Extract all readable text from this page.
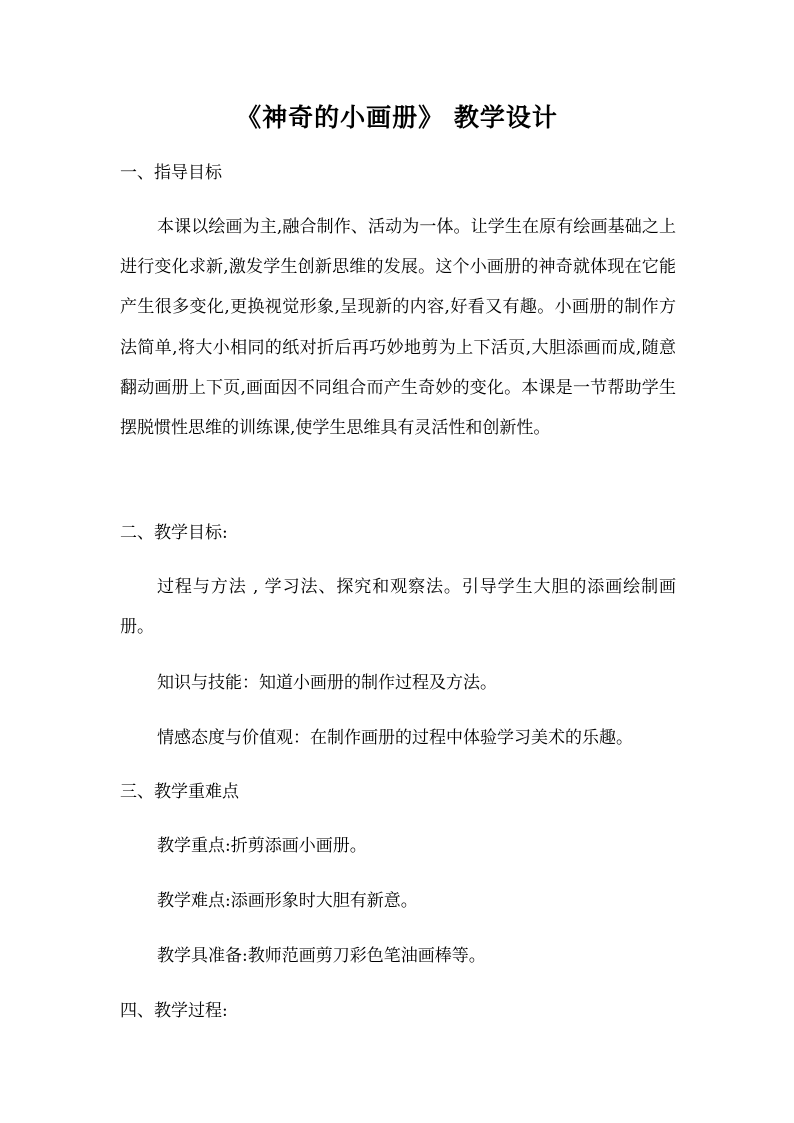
《神奇的小画册》 教学设计
一、指导目标
本课以绘画为主,融合制作、活动为一体。让学生在原有绘画基础之上进行变化求新,激发学生创新思维的发展。这个小画册的神奇就体现在它能产生很多变化,更换视觉形象,呈现新的内容,好看又有趣。小画册的制作方法简单,将大小相同的纸对折后再巧妙地剪为上下活页,大胆添画而成,随意翻动画册上下页,画面因不同组合而产生奇妙的变化。本课是一节帮助学生摆脱惯性思维的训练课,使学生思维具有灵活性和创新性。
二、教学目标:
过程与方法 , 学习法、探究和观察法。引导学生大胆的添画绘制画册。
知识与技能：知道小画册的制作过程及方法。
情感态度与价值观：在制作画册的过程中体验学习美术的乐趣。
三、教学重难点
教学重点:折剪添画小画册。
教学难点:添画形象时大胆有新意。
教学具准备:教师范画剪刀彩色笔油画棒等。
四、教学过程:
